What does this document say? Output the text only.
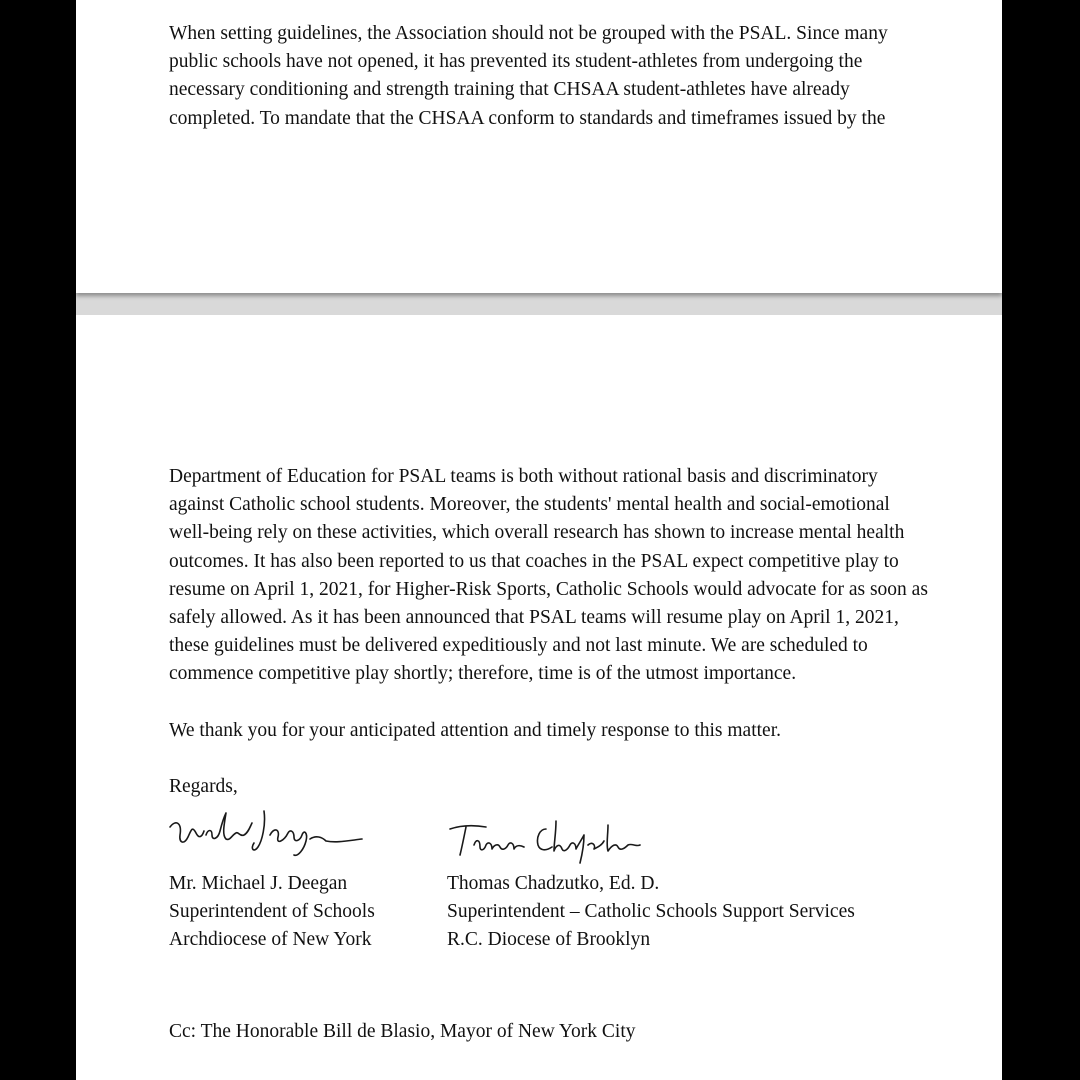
When setting guidelines, the Association should not be grouped with the PSAL. Since many
public schools have not opened, it has prevented its student-athletes from undergoing the
necessary conditioning and strength training that CHSAA student-athletes have already
completed. To mandate that the CHSAA conform to standards and timeframes issued by the

Department of Education for PSAL teams is both without rational basis and discriminatory
against Catholic school students. Moreover, the students' mental health and social-emotional
well-being rely on these activities, which overall research has shown to increase mental health
outcomes. It has also been reported to us that coaches in the PSAL expect competitive play to
resume on April 1, 2021, for Higher-Risk Sports, Catholic Schools would advocate for as soon as
safely allowed. As it has been announced that PSAL teams will resume play on April 1, 2021,
these guidelines must be delivered expeditiously and not last minute. We are scheduled to
commence competitive play shortly; therefore, time is of the utmost importance.

We thank you for your anticipated attention and timely response to this matter.

Regards,

Mr. Michael J. Deegan
Superintendent of Schools
Archdiocese of New York
Thomas Chadzutko, Ed. D.
Superintendent – Catholic Schools Support Services
R.C. Diocese of Brooklyn

Cc: The Honorable Bill de Blasio, Mayor of New York City
